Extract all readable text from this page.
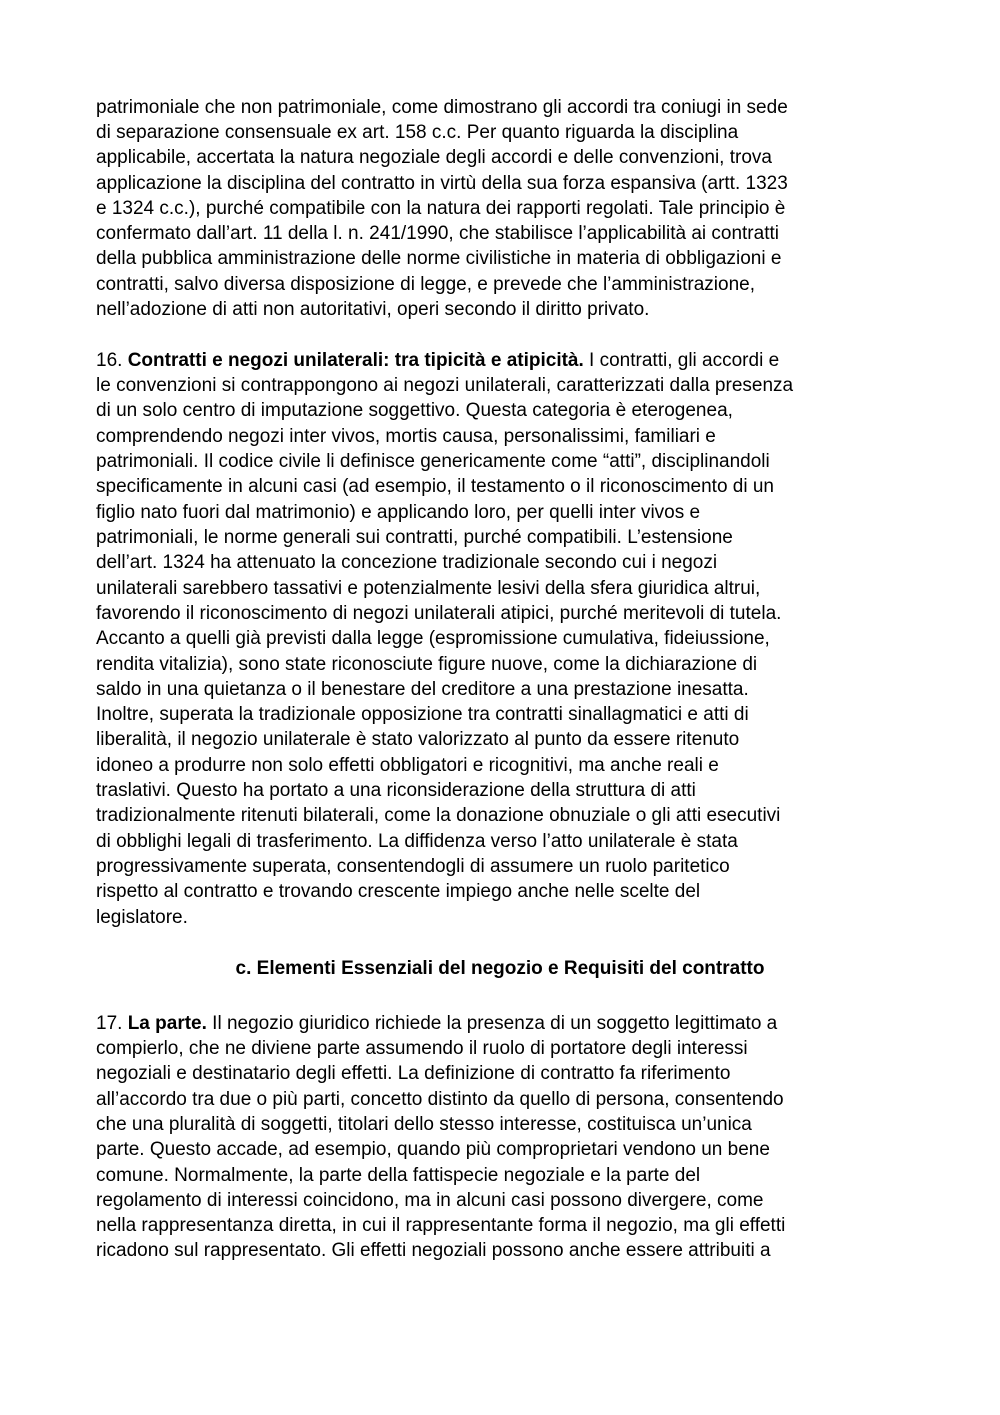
patrimoniale che non patrimoniale, come dimostrano gli accordi tra coniugi in sede
di separazione consensuale ex art. 158 c.c. Per quanto riguarda la disciplina
applicabile, accertata la natura negoziale degli accordi e delle convenzioni, trova
applicazione la disciplina del contratto in virtù della sua forza espansiva (artt. 1323
e 1324 c.c.), purché compatibile con la natura dei rapporti regolati. Tale principio è
confermato dall’art. 11 della l. n. 241/1990, che stabilisce l’applicabilità ai contratti
della pubblica amministrazione delle norme civilistiche in materia di obbligazioni e
contratti, salvo diversa disposizione di legge, e prevede che l’amministrazione,
nell’adozione di atti non autoritativi, operi secondo il diritto privato.
16. Contratti e negozi unilaterali: tra tipicità e atipicità. I contratti, gli accordi e
le convenzioni si contrappongono ai negozi unilaterali, caratterizzati dalla presenza
di un solo centro di imputazione soggettivo. Questa categoria è eterogenea,
comprendendo negozi inter vivos, mortis causa, personalissimi, familiari e
patrimoniali. Il codice civile li definisce genericamente come “atti”, disciplinandoli
specificamente in alcuni casi (ad esempio, il testamento o il riconoscimento di un
figlio nato fuori dal matrimonio) e applicando loro, per quelli inter vivos e
patrimoniali, le norme generali sui contratti, purché compatibili. L’estensione
dell’art. 1324 ha attenuato la concezione tradizionale secondo cui i negozi
unilaterali sarebbero tassativi e potenzialmente lesivi della sfera giuridica altrui,
favorendo il riconoscimento di negozi unilaterali atipici, purché meritevoli di tutela.
Accanto a quelli già previsti dalla legge (espromissione cumulativa, fideiussione,
rendita vitalizia), sono state riconosciute figure nuove, come la dichiarazione di
saldo in una quietanza o il benestare del creditore a una prestazione inesatta.
Inoltre, superata la tradizionale opposizione tra contratti sinallagmatici e atti di
liberalità, il negozio unilaterale è stato valorizzato al punto da essere ritenuto
idoneo a produrre non solo effetti obbligatori e ricognitivi, ma anche reali e
traslativi. Questo ha portato a una riconsiderazione della struttura di atti
tradizionalmente ritenuti bilaterali, come la donazione obnuziale o gli atti esecutivi
di obblighi legali di trasferimento. La diffidenza verso l’atto unilaterale è stata
progressivamente superata, consentendogli di assumere un ruolo paritetico
rispetto al contratto e trovando crescente impiego anche nelle scelte del
legislatore.
c. Elementi Essenziali del negozio e Requisiti del contratto
17. La parte. Il negozio giuridico richiede la presenza di un soggetto legittimato a
compierlo, che ne diviene parte assumendo il ruolo di portatore degli interessi
negoziali e destinatario degli effetti. La definizione di contratto fa riferimento
all’accordo tra due o più parti, concetto distinto da quello di persona, consentendo
che una pluralità di soggetti, titolari dello stesso interesse, costituisca un’unica
parte. Questo accade, ad esempio, quando più comproprietari vendono un bene
comune. Normalmente, la parte della fattispecie negoziale e la parte del
regolamento di interessi coincidono, ma in alcuni casi possono divergere, come
nella rappresentanza diretta, in cui il rappresentante forma il negozio, ma gli effetti
ricadono sul rappresentato. Gli effetti negoziali possono anche essere attribuiti a
